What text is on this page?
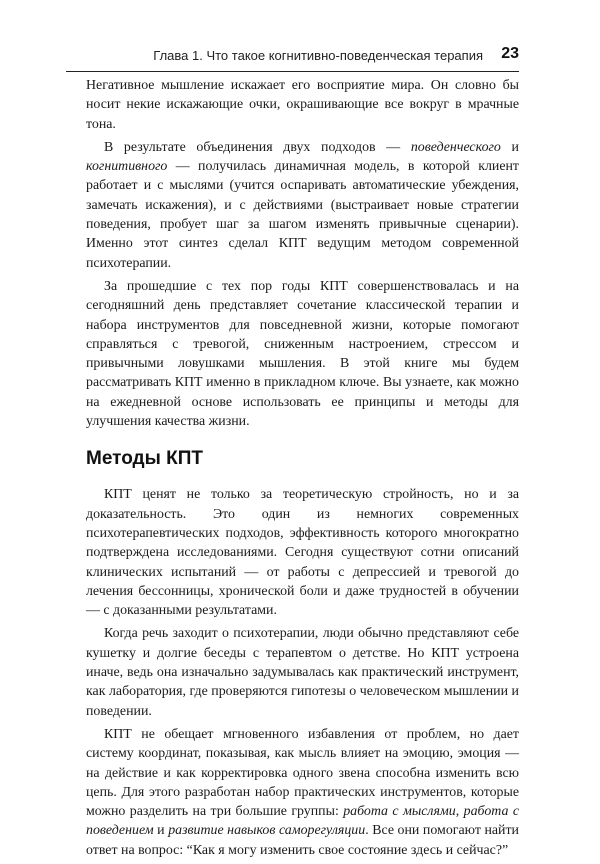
Глава 1. Что такое когнитивно-поведенческая терапия 23

Негативное мышление искажает его восприятие мира. Он словно бы носит некие искажающие очки, окрашивающие все вокруг в мрачные тона.

В результате объединения двух подходов — поведенческого и когнитивного — получилась динамичная модель, в которой клиент работает и с мыслями (учится оспаривать автоматические убеждения, замечать искажения), и с действиями (выстраивает новые стратегии поведения, пробует шаг за шагом изменять привычные сценарии). Именно этот синтез сделал КПТ ведущим методом современной психотерапии.

За прошедшие с тех пор годы КПТ совершенствовалась и на сегодняшний день представляет сочетание классической терапии и набора инструментов для повседневной жизни, которые помогают справляться с тревогой, сниженным настроением, стрессом и привычными ловушками мышления. В этой книге мы будем рассматривать КПТ именно в прикладном ключе. Вы узнаете, как можно на ежедневной основе использовать ее принципы и методы для улучшения качества жизни.

Методы КПТ

КПТ ценят не только за теоретическую стройность, но и за доказательность. Это один из немногих современных психотерапевтических подходов, эффективность которого многократно подтверждена исследованиями. Сегодня существуют сотни описаний клинических испытаний — от работы с депрессией и тревогой до лечения бессонницы, хронической боли и даже трудностей в обучении — с доказанными результатами.

Когда речь заходит о психотерапии, люди обычно представляют себе кушетку и долгие беседы с терапевтом о детстве. Но КПТ устроена иначе, ведь она изначально задумывалась как практический инструмент, как лаборатория, где проверяются гипотезы о человеческом мышлении и поведении.

КПТ не обещает мгновенного избавления от проблем, но дает систему координат, показывая, как мысль влияет на эмоцию, эмоция — на действие и как корректировка одного звена способна изменить всю цепь. Для этого разработан набор практических инструментов, которые можно разделить на три большие группы: работа с мыслями, работа с поведением и развитие навыков саморегуляции. Все они помогают найти ответ на вопрос: “Как я могу изменить свое состояние здесь и сейчас?”
